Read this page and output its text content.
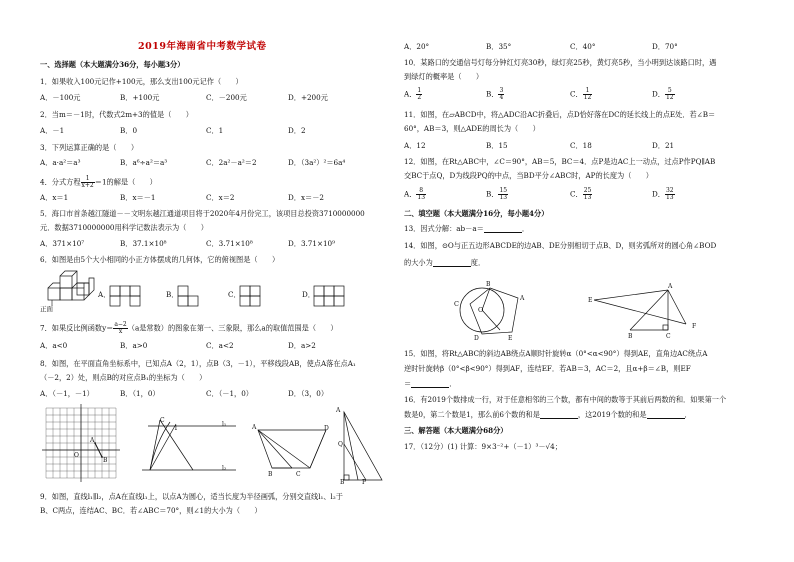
2019年海南省中考数学试卷
一、选择题（本大题满分36分，每小题3分）
1．如果收入100元记作+100元，那么支出100元记作（　　）
A．－100元	B．+100元	C．－200元	D．+200元
2．当m＝－1时，代数式2m+3的值是（　　）
A．－1	B．0	C．1	D．2
3．下列运算正确的是（　　）
A．a·a²＝a³	B．a⁶÷a²＝a³	C．2a²－a²＝2	D．（3a²）²＝6a⁴
4．分式方程 $\frac{1}{x+2} =1$的解是（　　）
A．x＝1	B．x＝－1	C．x＝2	D．x＝－2
5．海口市首条越江隧道－－文明东越江通道项目将于2020年4月份完工，该项目总投资3710000000
元．数据3710000000用科学记数法表示为（　　）
A．371×10⁷	B．37.1×10⁸	C．3.71×10⁸	D．3.71×10⁹
6．如图是由5个大小相同的小正方体摆成的几何体，它的俯视图是（　　）
正面
A．	B．	C．	D．
7．如果反比例函数$y= \frac{a-2}{x} (a$是常数）的图象在第一、三象限，那么a的取值范围是（　　）
A．a<0	B．a>0	C．a<2	D．a>2
8．如图，在平面直角坐标系中，已知点A（2，1），点B（3，－1），平移线段AB，使点A落在点A₁
（－2，2）处，则点B的对应点B₁的坐标为（　　）
A．（－1，－1）	B．（1，0）	C．（－1，0）	D．（3，0）
A
B
O
C
1
l₁
l₂
A
B	C
D
A
Q
P
B
9．如图，直线l₁∥l₂，点A在直线l₁上，以点A为圆心，适当长度为半径画弧，分别交直线l₁、l₂于
B、C两点，连结AC、BC．若∠ABC＝70°，则∠1的大小为（　　）
A．20°	B．35°	C．40°	D．70°
10．某路口的交通信号灯每分钟红灯亮30秒，绿灯亮25秒，黄灯亮5秒，当小明到达该路口时，遇
到绿灯的概率是（　　）
A． $\frac{1}{2}$	B． $\frac{3}{4}$	C． $\frac{1}{12}$	D． $\frac{5}{12}$
11．如图，在▱ABCD中，将△ADC沿AC折叠后，点D恰好落在DC的延长线上的点E处．若∠B＝
60°，AB＝3，则△ADE的周长为（　　）
A．12	B．15	C．18	D．21
12．如图，在Rt△ABC中，∠C＝90°，AB＝5，BC＝4．点P是边AC上一动点，过点P作PQ∥AB
交BC于点Q，D为线段PQ的中点，当BD平分∠ABC时，AP的长度为（　　）
A． $\frac{8}{13}$	B． $\frac{15}{13}$	C． $\frac{25}{13}$	D． $\frac{32}{13}$
二、填空题（本大题满分16分，每小题4分）
13．因式分解：ab－a＝	．
14．如图，⊙O与正五边形ABCDE的边AB、DE分别相切于点B、D，则劣弧所对的圆心角∠BOD
的大小为	度．
B
A
C
O
D	E
E
A
B	C
F
15．如图，将Rt△ABC的斜边AB绕点A顺时针旋转α（0°<α<90°）得到AE，直角边AC绕点A
逆时针旋转β（0°<β<90°）得到AF，连结EF．若AB＝3，AC＝2，且α+β＝∠B，则EF
＝	．
16．有2019个数排成一行，对于任意相邻的三个数，都有中间的数等于其前后两数的和．如果第一个
数是0，第二个数是1，那么前6个数的和是	，这2019个数的和是	．
三、解答题（本大题满分68分）
17．（12分）(1) 计算：9×3⁻²+（－1）³－√4；
